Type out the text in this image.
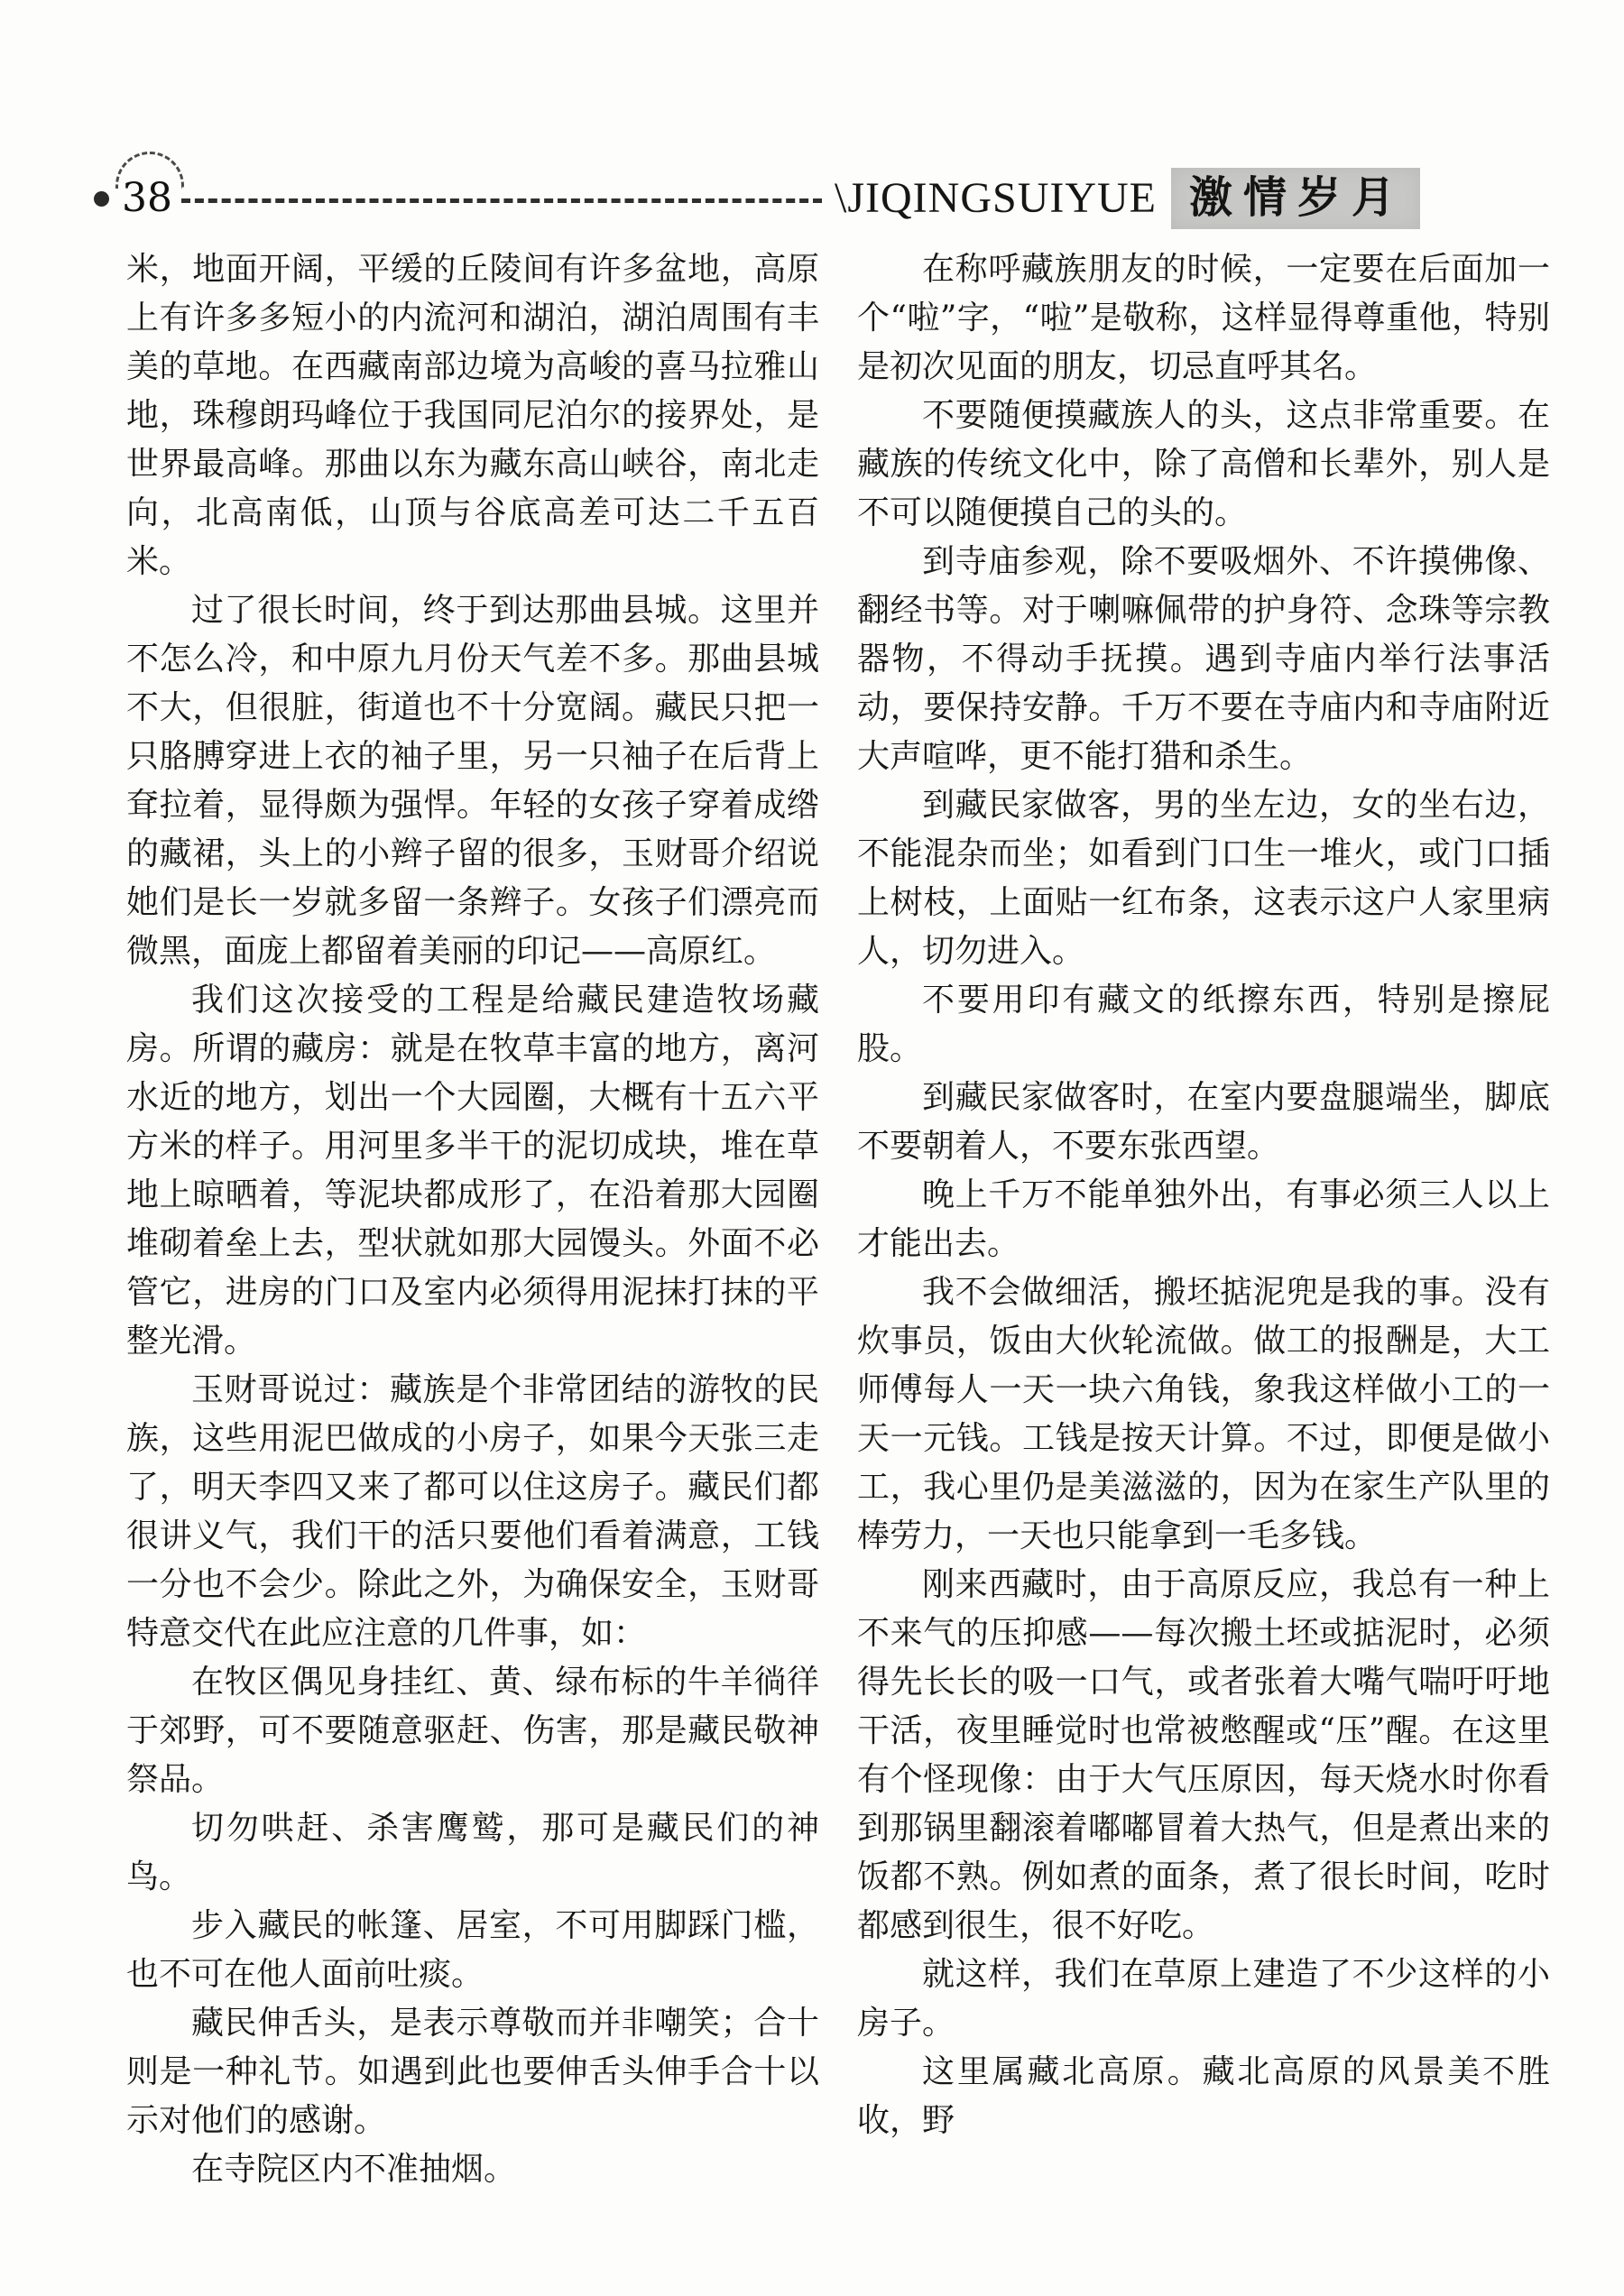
38	\JIQINGSUIYUE 激情岁月

米，地面开阔，平缓的丘陵间有许多盆地，高原上有许多多短小的内流河和湖泊，湖泊周围有丰美的草地。在西藏南部边境为高峻的喜马拉雅山地，珠穆朗玛峰位于我国同尼泊尔的接界处，是世界最高峰。那曲以东为藏东高山峡谷，南北走向，北高南低，山顶与谷底高差可达二千五百米。

过了很长时间，终于到达那曲县城。这里并不怎么冷，和中原九月份天气差不多。那曲县城不大，但很脏，街道也不十分宽阔。藏民只把一只胳膊穿进上衣的袖子里，另一只袖子在后背上耷拉着，显得颇为强悍。年轻的女孩子穿着成绺的藏裙，头上的小辫子留的很多，玉财哥介绍说她们是长一岁就多留一条辫子。女孩子们漂亮而微黑，面庞上都留着美丽的印记——高原红。

我们这次接受的工程是给藏民建造牧场藏房。所谓的藏房：就是在牧草丰富的地方，离河水近的地方，划出一个大园圈，大概有十五六平方米的样子。用河里多半干的泥切成块，堆在草地上晾晒着，等泥块都成形了，在沿着那大园圈堆砌着垒上去，型状就如那大园馒头。外面不必管它，进房的门口及室内必须得用泥抹打抹的平整光滑。

玉财哥说过：藏族是个非常团结的游牧的民族，这些用泥巴做成的小房子，如果今天张三走了，明天李四又来了都可以住这房子。藏民们都很讲义气，我们干的活只要他们看着满意，工钱一分也不会少。除此之外，为确保安全，玉财哥特意交代在此应注意的几件事，如：

在牧区偶见身挂红、黄、绿布标的牛羊徜徉于郊野，可不要随意驱赶、伤害，那是藏民敬神祭品。

切勿哄赶、杀害鹰鹫，那可是藏民们的神鸟。

步入藏民的帐篷、居室，不可用脚踩门槛，也不可在他人面前吐痰。

藏民伸舌头，是表示尊敬而并非嘲笑；合十则是一种礼节。如遇到此也要伸舌头伸手合十以示对他们的感谢。

在寺院区内不准抽烟。

在称呼藏族朋友的时候，一定要在后面加一个“啦”字，“啦”是敬称，这样显得尊重他，特别是初次见面的朋友，切忌直呼其名。

不要随便摸藏族人的头，这点非常重要。在藏族的传统文化中，除了高僧和长辈外，别人是不可以随便摸自己的头的。

到寺庙参观，除不要吸烟外、不许摸佛像、翻经书等。对于喇嘛佩带的护身符、念珠等宗教器物，不得动手抚摸。遇到寺庙内举行法事活动，要保持安静。千万不要在寺庙内和寺庙附近大声喧哗，更不能打猎和杀生。

到藏民家做客，男的坐左边，女的坐右边，不能混杂而坐；如看到门口生一堆火，或门口插上树枝，上面贴一红布条，这表示这户人家里病人，切勿进入。

不要用印有藏文的纸擦东西，特别是擦屁股。

到藏民家做客时，在室内要盘腿端坐，脚底不要朝着人，不要东张西望。

晚上千万不能单独外出，有事必须三人以上才能出去。

我不会做细活，搬坯掂泥兜是我的事。没有炊事员，饭由大伙轮流做。做工的报酬是，大工师傅每人一天一块六角钱，象我这样做小工的一天一元钱。工钱是按天计算。不过，即便是做小工，我心里仍是美滋滋的，因为在家生产队里的棒劳力，一天也只能拿到一毛多钱。

刚来西藏时，由于高原反应，我总有一种上不来气的压抑感——每次搬土坯或掂泥时，必须得先长长的吸一口气，或者张着大嘴气喘吁吁地干活，夜里睡觉时也常被憋醒或“压”醒。在这里有个怪现像：由于大气压原因，每天烧水时你看到那锅里翻滚着嘟嘟冒着大热气，但是煮出来的饭都不熟。例如煮的面条，煮了很长时间，吃时都感到很生，很不好吃。

就这样，我们在草原上建造了不少这样的小房子。

这里属藏北高原。藏北高原的风景美不胜收，野
